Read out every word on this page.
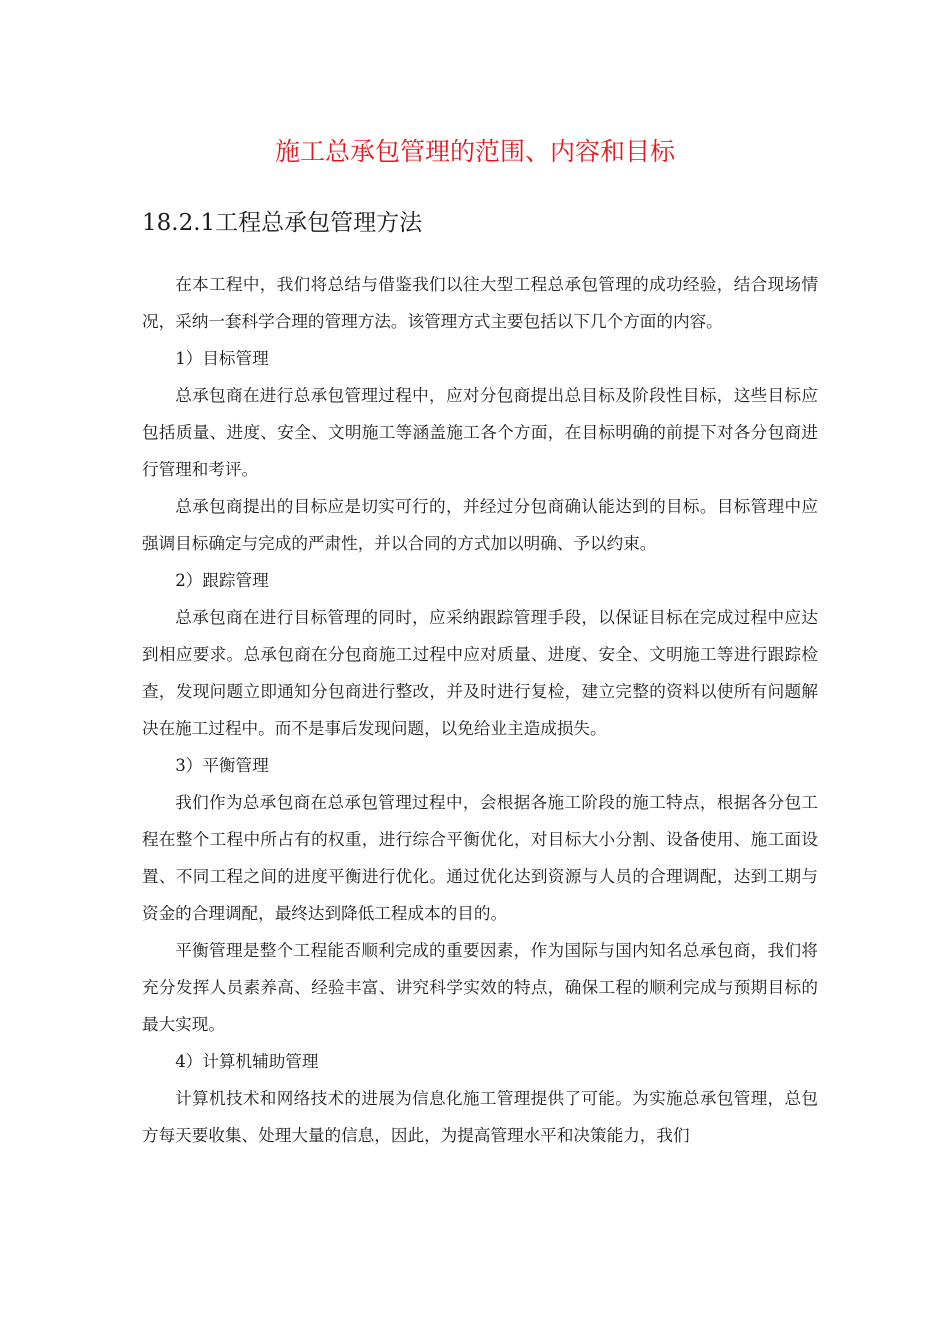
施工总承包管理的范围、内容和目标
18.2.1工程总承包管理方法

在本工程中，我们将总结与借鉴我们以往大型工程总承包管理的成功经验，结合现场情况，采纳一套科学合理的管理方法。该管理方式主要包括以下几个方面的内容。

1）目标管理

总承包商在进行总承包管理过程中，应对分包商提出总目标及阶段性目标，这些目标应包括质量、进度、安全、文明施工等涵盖施工各个方面，在目标明确的前提下对各分包商进行管理和考评。

总承包商提出的目标应是切实可行的，并经过分包商确认能达到的目标。目标管理中应强调目标确定与完成的严肃性，并以合同的方式加以明确、予以约束。

2）跟踪管理

总承包商在进行目标管理的同时，应采纳跟踪管理手段，以保证目标在完成过程中应达到相应要求。总承包商在分包商施工过程中应对质量、进度、安全、文明施工等进行跟踪检查，发现问题立即通知分包商进行整改，并及时进行复检，建立完整的资料以使所有问题解决在施工过程中。而不是事后发现问题，以免给业主造成损失。

3）平衡管理

我们作为总承包商在总承包管理过程中，会根据各施工阶段的施工特点，根据各分包工程在整个工程中所占有的权重，进行综合平衡优化，对目标大小分割、设备使用、施工面设置、不同工程之间的进度平衡进行优化。通过优化达到资源与人员的合理调配，达到工期与资金的合理调配，最终达到降低工程成本的目的。

平衡管理是整个工程能否顺利完成的重要因素，作为国际与国内知名总承包商，我们将充分发挥人员素养高、经验丰富、讲究科学实效的特点，确保工程的顺利完成与预期目标的最大实现。

4）计算机辅助管理

计算机技术和网络技术的进展为信息化施工管理提供了可能。为实施总承包管理，总包方每天要收集、处理大量的信息，因此，为提高管理水平和决策能力，我们
